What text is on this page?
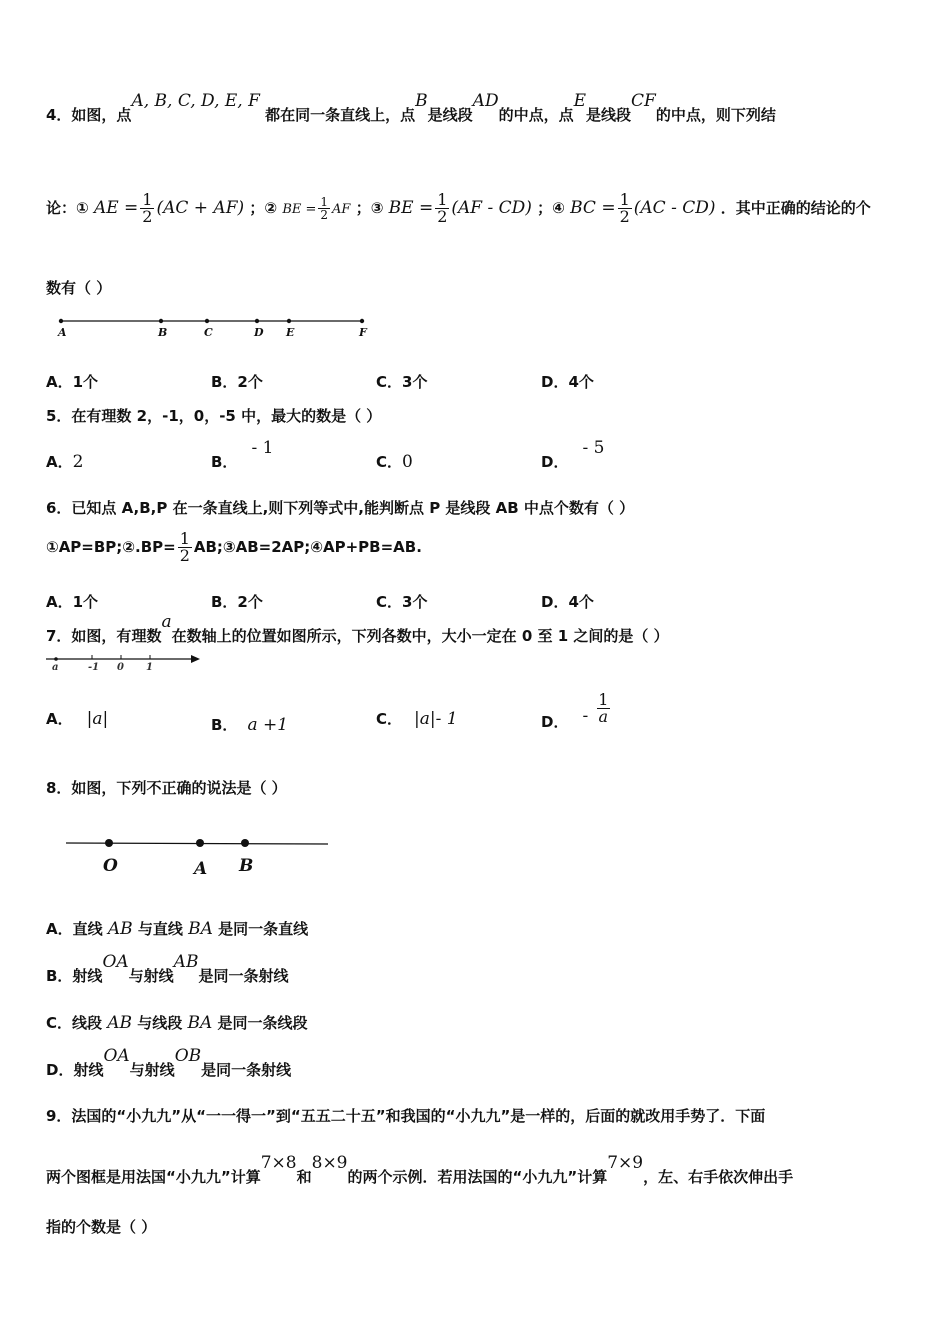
4．如图，点A, B, C, D, E, F 都在同一条直线上，点B是线段AD的中点，点E是线段CF的中点，则下列结
论：① AE = $\frac{1}{2} (AC + AF)$ ；② BE = $\frac{1}{2}$ AF ；③ BE = $\frac{1}{2} (AF - CD)$ ；④ BC = $\frac{1}{2} (AC - CD)$ ．其中正确的结论的个
数有（ ）
A	B	C	D E	F
A．1个	B．2个	C．3个	D．4个
5．在有理数 2，-1，0，-5 中，最大的数是（ ）
A．2	B．- 1
C．0	D．- 5
6．已知点 A,B,P 在一条直线上,则下列等式中,能判断点 P 是线段 AB 中点个数有（ ）
①AP=BP;②.BP= $\frac{1}{2}$ AB;③AB=2AP;④AP+PB=AB.
A．1个	B．2个	C．3个	D．4个
7．如图，有理数a在数轴上的位置如图所示，下列各数中，大小一定在 0 至 1 之间的是（ ）
a	-1 0 1
A． |a|	B． a +1	C． |a|- 1	D． - $\frac{1}{a}$
8．如图，下列不正确的说法是（ ）
O	A B
A．直线 AB 与直线 BA 是同一条直线
B．射线OA与射线AB是同一条射线
C．线段 AB 与线段 BA 是同一条线段
D．射线OA与射线OB是同一条射线
9．法国的“小九九”从“一一得一”到“五五二十五”和我国的“小九九”是一样的，后面的就改用手势了．下面
两个图框是用法国“小九九”计算7×8和8×9的两个示例．若用法国的“小九九”计算7×9，左、右手依次伸出手
指的个数是（ ）
